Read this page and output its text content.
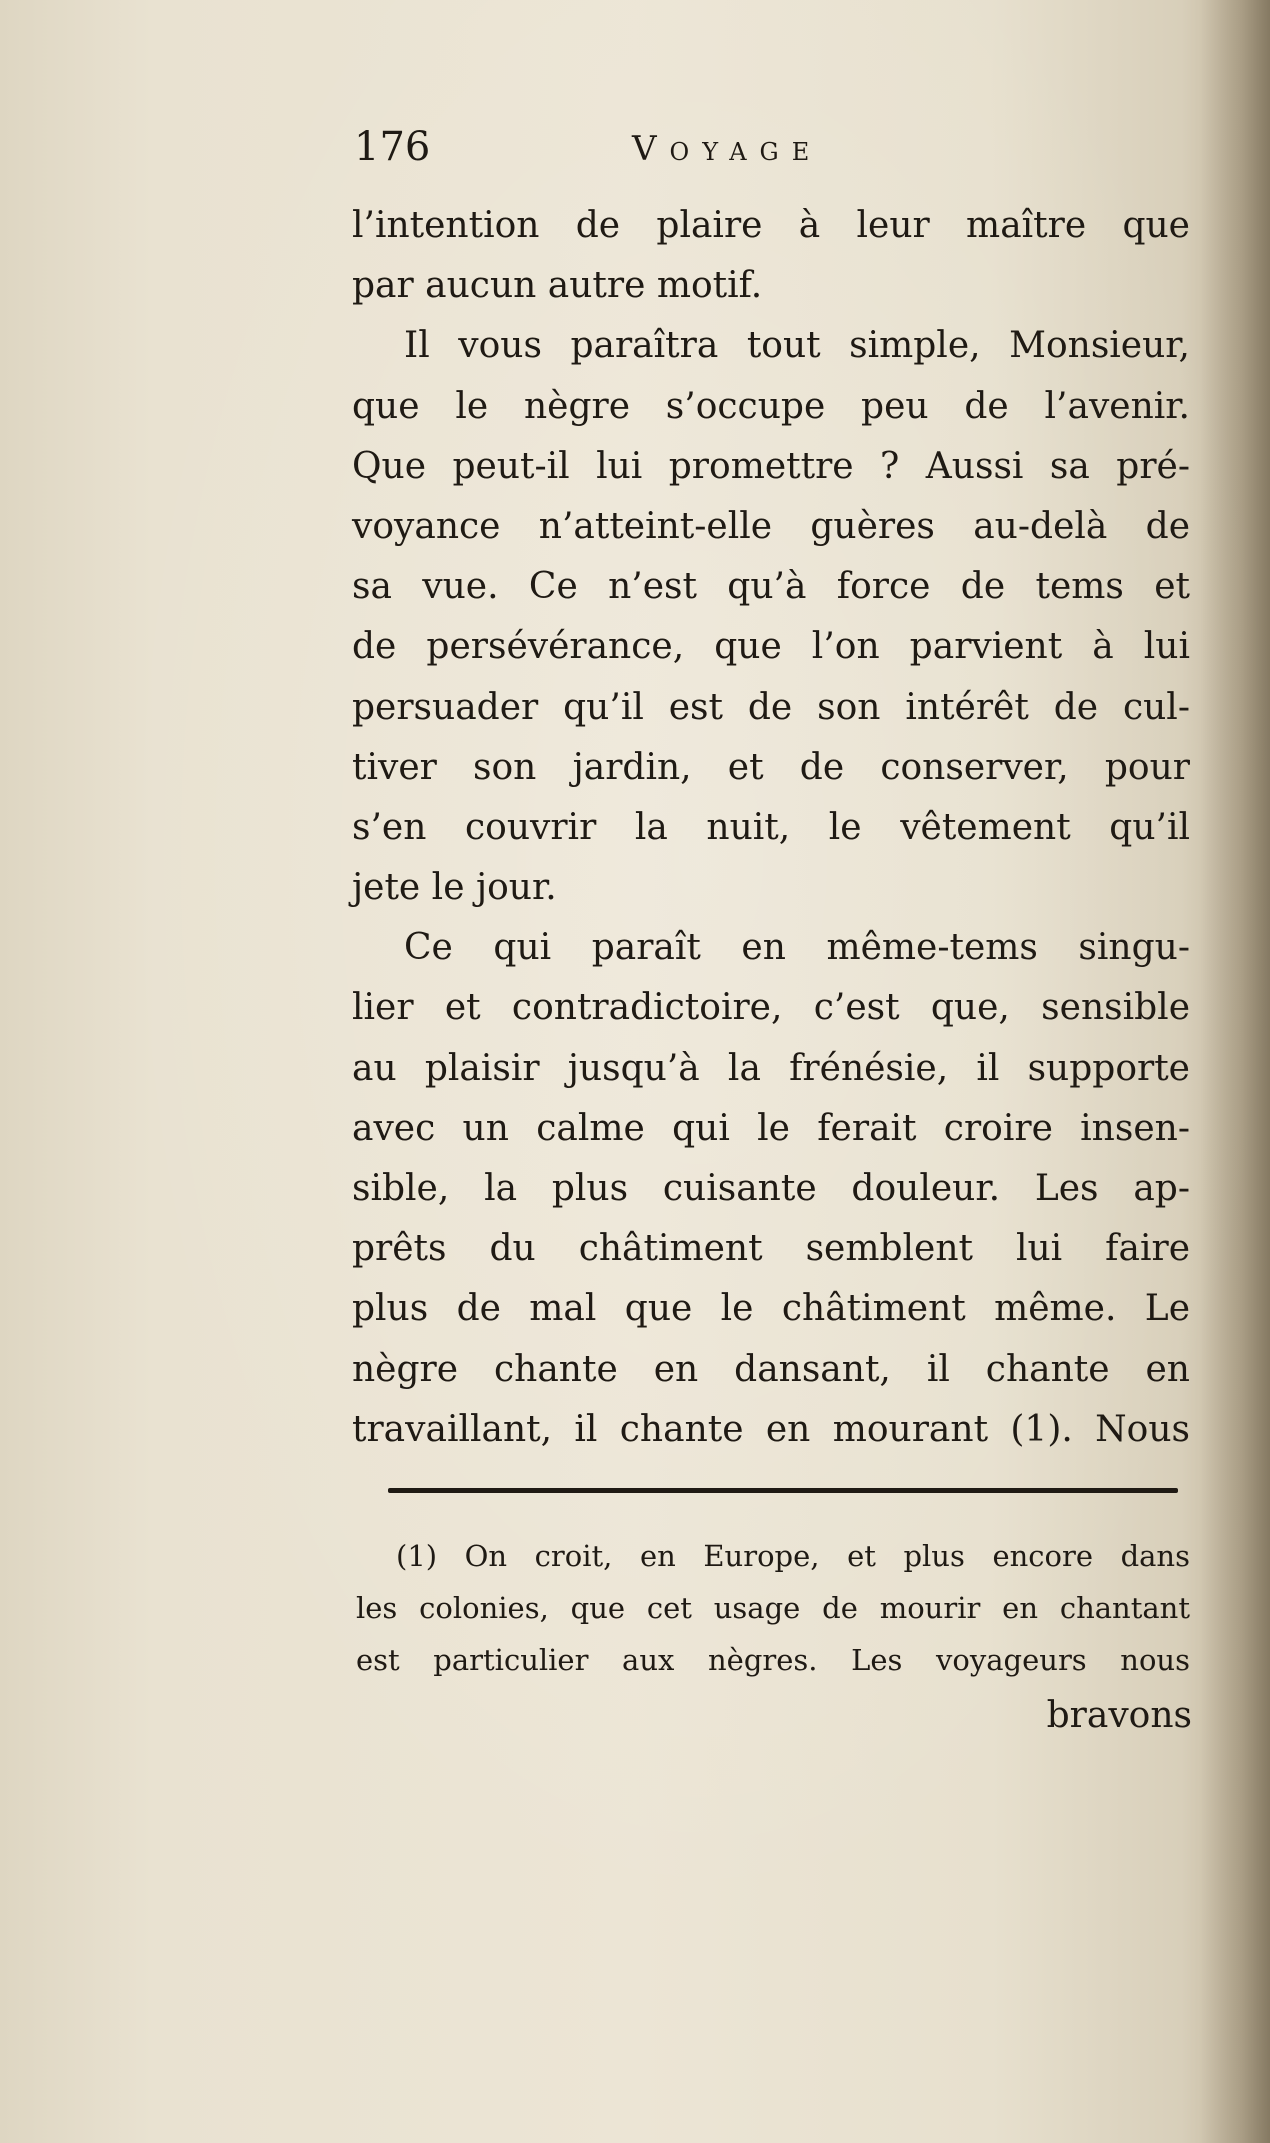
176	Voyage
l’intention de plaire à leur maître que
par aucun autre motif.
Il vous paraîtra tout simple, Monsieur,
que le nègre s’occupe peu de l’avenir.
Que peut-il lui promettre ? Aussi sa pré-
voyance n’atteint-elle guères au-delà de
sa vue. Ce n’est qu’à force de tems et
de persévérance, que l’on parvient à lui
persuader qu’il est de son intérêt de cul-
tiver son jardin, et de conserver, pour
s’en couvrir la nuit, le vêtement qu’il
jete le jour.
Ce qui paraît en même-tems singu-
lier et contradictoire, c’est que, sensible
au plaisir jusqu’à la frénésie, il supporte
avec un calme qui le ferait croire insen-
sible, la plus cuisante douleur. Les ap-
prêts du châtiment semblent lui faire
plus de mal que le châtiment même. Le
nègre chante en dansant, il chante en
travaillant, il chante en mourant (1). Nous
(1) On croit, en Europe, et plus encore dans
les colonies, que cet usage de mourir en chantant
est particulier aux nègres. Les voyageurs nous
bravons
